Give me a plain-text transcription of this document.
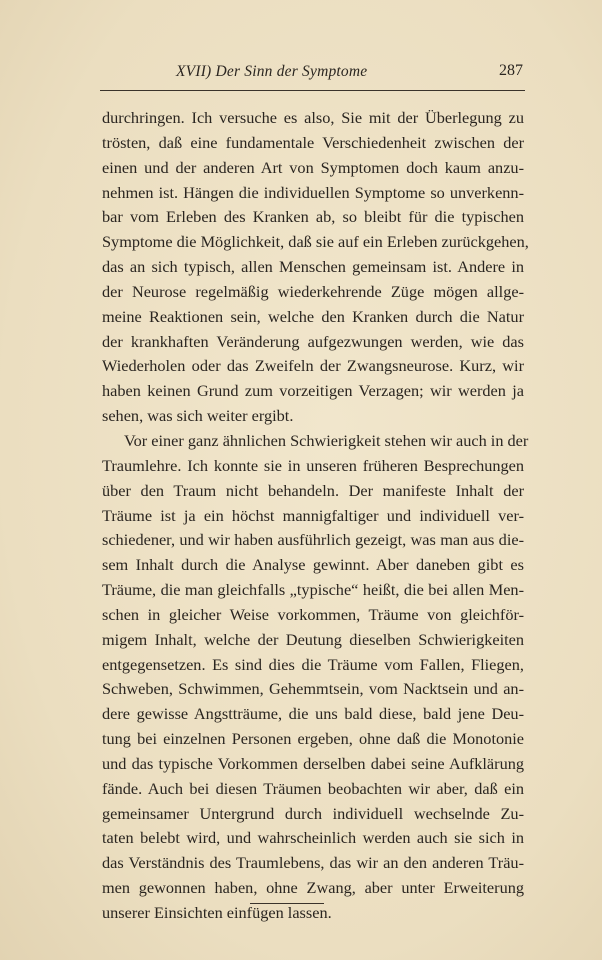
XVII) Der Sinn der Symptome	287
durchringen. Ich versuche es also, Sie mit der Überlegung zu
trösten, daß eine fundamentale Verschiedenheit zwischen der
einen und der anderen Art von Symptomen doch kaum anzu-
nehmen ist. Hängen die individuellen Symptome so unverkenn-
bar vom Erleben des Kranken ab, so bleibt für die typischen
Symptome die Möglichkeit, daß sie auf ein Erleben zurückgehen,
das an sich typisch, allen Menschen gemeinsam ist. Andere in
der Neurose regelmäßig wiederkehrende Züge mögen allge-
meine Reaktionen sein, welche den Kranken durch die Natur
der krankhaften Veränderung aufgezwungen werden, wie das
Wiederholen oder das Zweifeln der Zwangsneurose. Kurz, wir
haben keinen Grund zum vorzeitigen Verzagen; wir werden ja
sehen, was sich weiter ergibt.
Vor einer ganz ähnlichen Schwierigkeit stehen wir auch in der
Traumlehre. Ich konnte sie in unseren früheren Besprechungen
über den Traum nicht behandeln. Der manifeste Inhalt der
Träume ist ja ein höchst mannigfaltiger und individuell ver-
schiedener, und wir haben ausführlich gezeigt, was man aus die-
sem Inhalt durch die Analyse gewinnt. Aber daneben gibt es
Träume, die man gleichfalls „typische“ heißt, die bei allen Men-
schen in gleicher Weise vorkommen, Träume von gleichför-
migem Inhalt, welche der Deutung dieselben Schwierigkeiten
entgegensetzen. Es sind dies die Träume vom Fallen, Fliegen,
Schweben, Schwimmen, Gehemmtsein, vom Nacktsein und an-
dere gewisse Angstträume, die uns bald diese, bald jene Deu-
tung bei einzelnen Personen ergeben, ohne daß die Monotonie
und das typische Vorkommen derselben dabei seine Aufklärung
fände. Auch bei diesen Träumen beobachten wir aber, daß ein
gemeinsamer Untergrund durch individuell wechselnde Zu-
taten belebt wird, und wahrscheinlich werden auch sie sich in
das Verständnis des Traumlebens, das wir an den anderen Träu-
men gewonnen haben, ohne Zwang, aber unter Erweiterung
unserer Einsichten einfügen lassen.
